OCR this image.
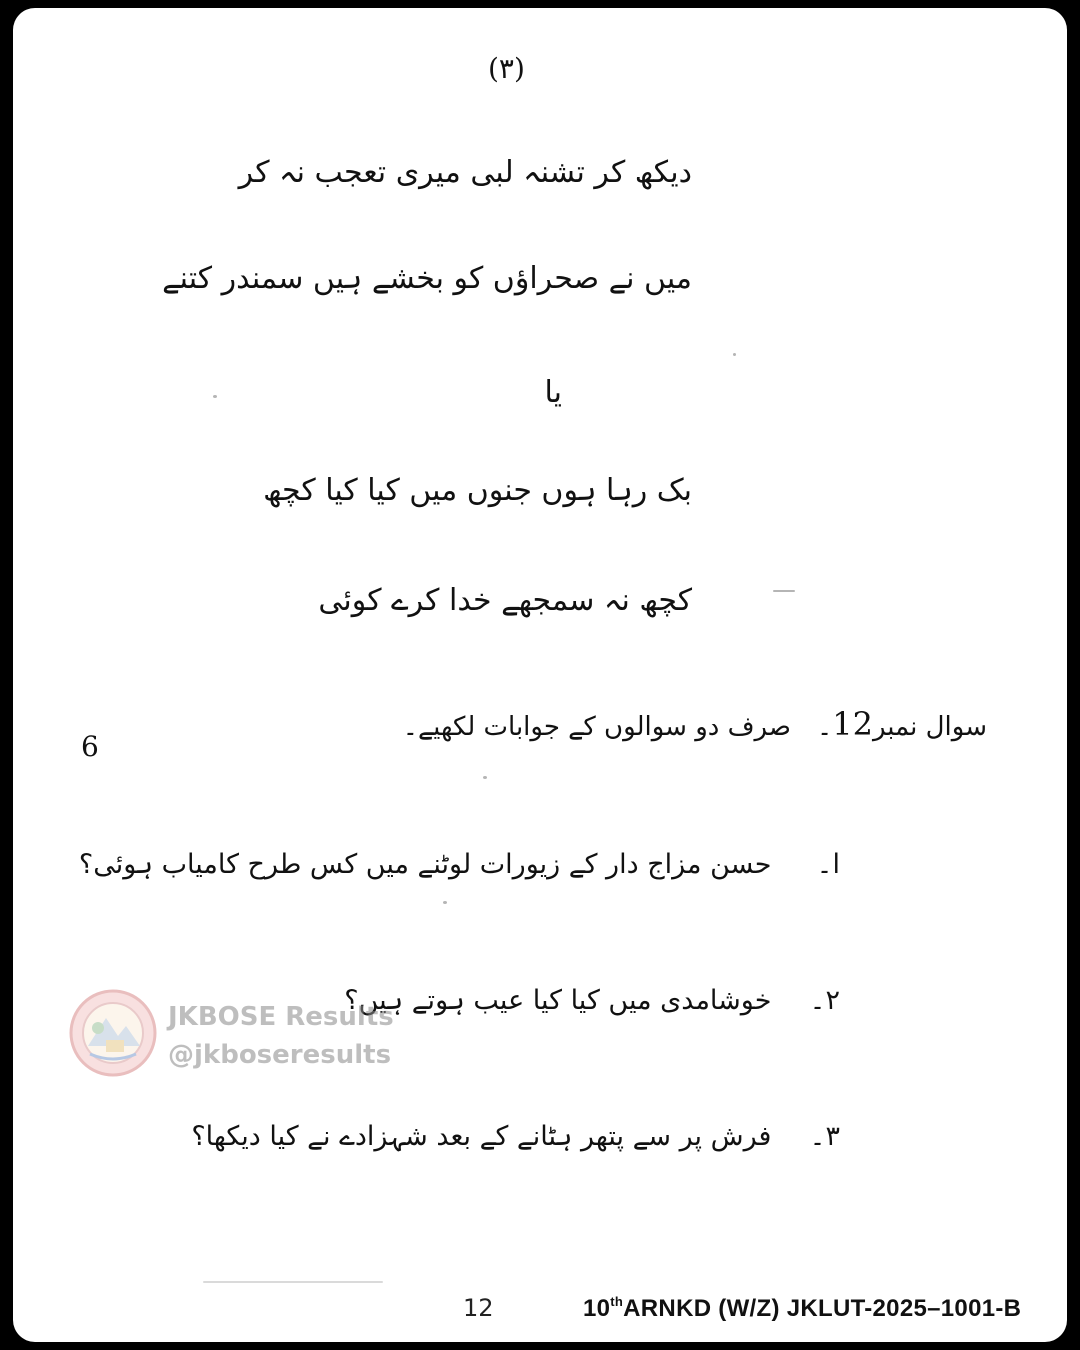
(۳)
دیکھ کر تشنہ لبی میری تعجب نہ کر
میں نے صحراؤں کو بخشے ہیں سمندر کتنے
یا
بک رہا ہوں جنوں میں کیا کیا کچھ
کچھ نہ سمجھے خدا کرے کوئی
سوال نمبر12۔صرف دو سوالوں کے جوابات لکھیے۔
6
ا۔ حسن مزاج دار کے زیورات لوٹنے میں کس طرح کامیاب ہوئی؟
۲۔ خوشامدی میں کیا کیا عیب ہوتے ہیں؟
۳۔ فرش پر سے پتھر ہٹانے کے بعد شہزادے نے کیا دیکھا؟
JKBOSE Results
@jkboseresults
12	10thARNKD (W/Z) JKLUT-2025–1001-B
